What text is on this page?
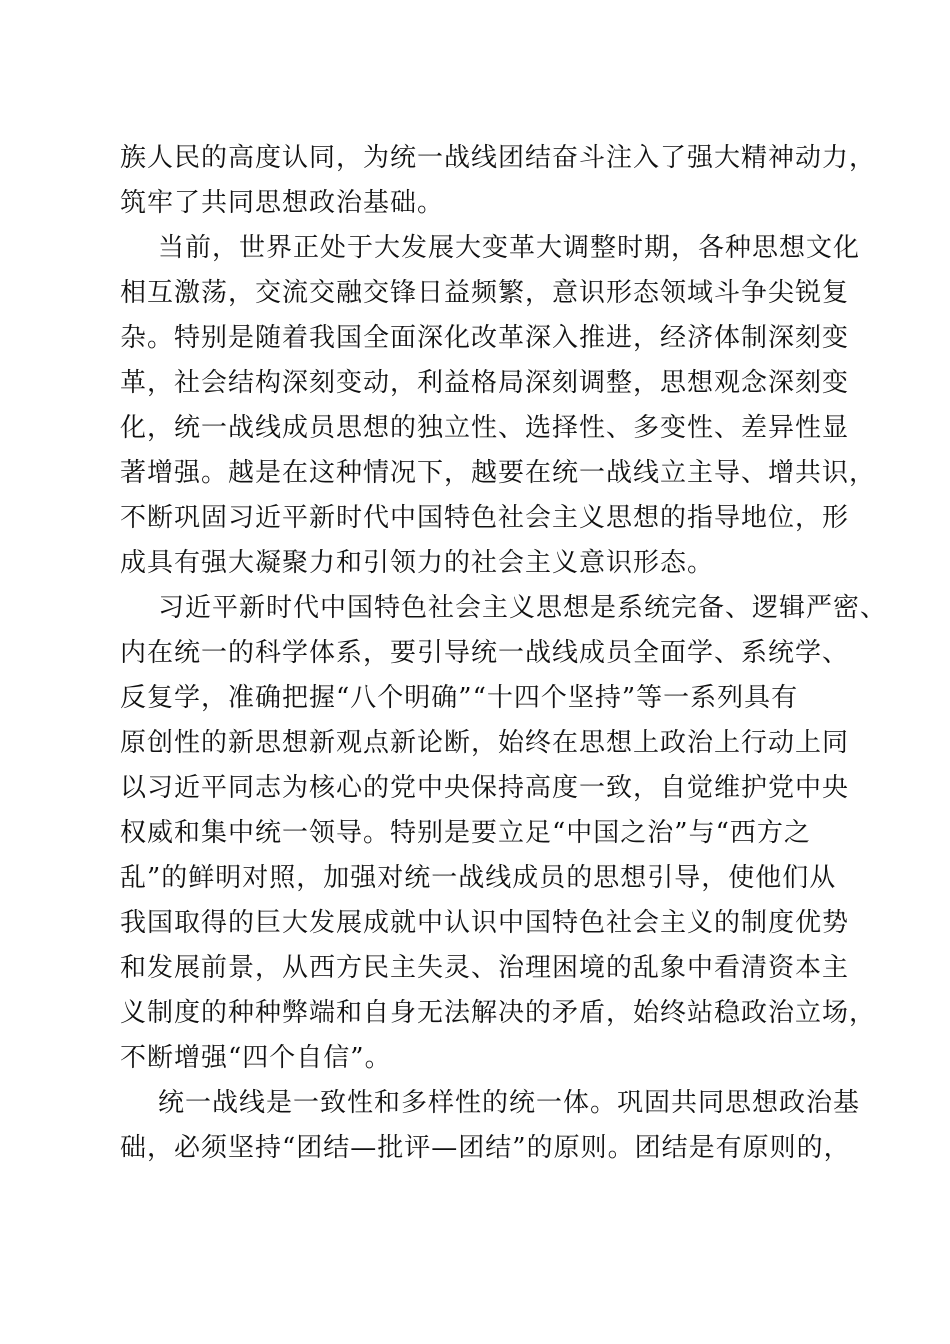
族人民的高度认同，为统一战线团结奋斗注入了强大精神动力，
筑牢了共同思想政治基础。
当前，世界正处于大发展大变革大调整时期，各种思想文化
相互激荡，交流交融交锋日益频繁，意识形态领域斗争尖锐复
杂。特别是随着我国全面深化改革深入推进，经济体制深刻变
革，社会结构深刻变动，利益格局深刻调整，思想观念深刻变
化，统一战线成员思想的独立性、选择性、多变性、差异性显
著增强。越是在这种情况下，越要在统一战线立主导、增共识，
不断巩固习近平新时代中国特色社会主义思想的指导地位，形
成具有强大凝聚力和引领力的社会主义意识形态。
习近平新时代中国特色社会主义思想是系统完备、逻辑严密、
内在统一的科学体系，要引导统一战线成员全面学、系统学、
反复学，准确把握“八个明确”“十四个坚持”等一系列具有
原创性的新思想新观点新论断，始终在思想上政治上行动上同
以习近平同志为核心的党中央保持高度一致，自觉维护党中央
权威和集中统一领导。特别是要立足“中国之治”与“西方之
乱”的鲜明对照，加强对统一战线成员的思想引导，使他们从
我国取得的巨大发展成就中认识中国特色社会主义的制度优势
和发展前景，从西方民主失灵、治理困境的乱象中看清资本主
义制度的种种弊端和自身无法解决的矛盾，始终站稳政治立场，
不断增强“四个自信”。
统一战线是一致性和多样性的统一体。巩固共同思想政治基
础，必须坚持“团结—批评—团结”的原则。团结是有原则的，
